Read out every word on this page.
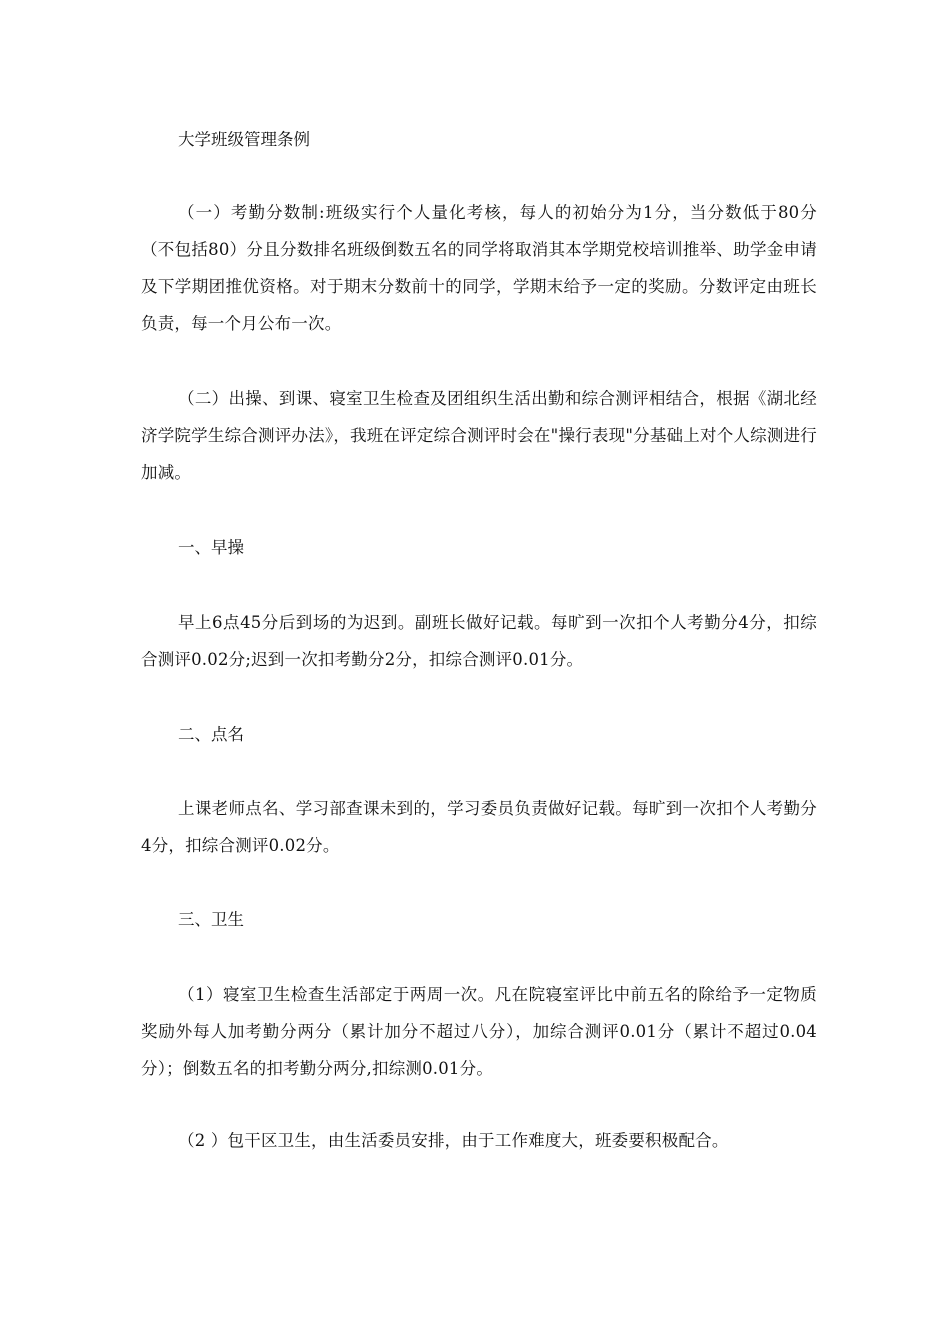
大学班级管理条例

（一）考勤分数制:班级实行个人量化考核，每人的初始分为1分，当分数低于80分（不包括80）分且分数排名班级倒数五名的同学将取消其本学期党校培训推举、助学金申请及下学期团推优资格。对于期末分数前十的同学，学期末给予一定的奖励。分数评定由班长负责，每一个月公布一次。

（二）出操、到课、寝室卫生检查及团组织生活出勤和综合测评相结合，根据《湖北经济学院学生综合测评办法》，我班在评定综合测评时会在"操行表现"分基础上对个人综测进行加减。

一、早操

早上6点45分后到场的为迟到。副班长做好记载。每旷到一次扣个人考勤分4分，扣综合测评0.02分;迟到一次扣考勤分2分，扣综合测评0.01分。

二、点名

上课老师点名、学习部查课未到的，学习委员负责做好记载。每旷到一次扣个人考勤分4分，扣综合测评0.02分。

三、卫生

（1）寝室卫生检查生活部定于两周一次。凡在院寝室评比中前五名的除给予一定物质奖励外每人加考勤分两分（累计加分不超过八分），加综合测评0.01分（累计不超过0.04分）；倒数五名的扣考勤分两分,扣综测0.01分。

（2 ）包干区卫生，由生活委员安排，由于工作难度大，班委要积极配合。
